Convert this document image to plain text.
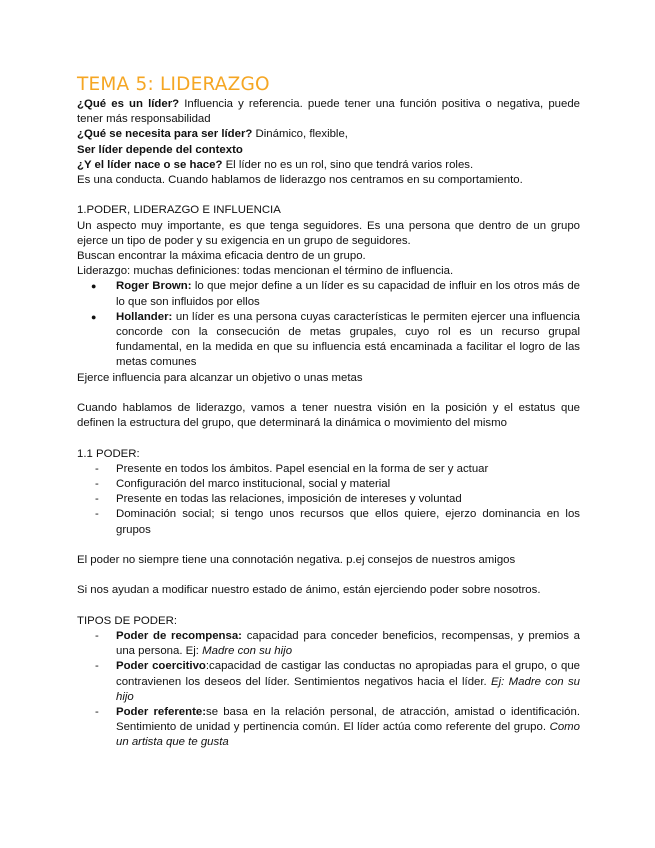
TEMA 5: LIDERAZGO

¿Qué es un líder? Influencia y referencia. puede tener una función positiva o negativa, puede tener más responsabilidad

¿Qué se necesita para ser líder? Dinámico, flexible,

Ser líder depende del contexto

¿Y el líder nace o se hace? El líder no es un rol, sino que tendrá varios roles.

Es una conducta. Cuando hablamos de liderazgo nos centramos en su comportamiento.

1.PODER, LIDERAZGO E INFLUENCIA

Un aspecto muy importante, es que tenga seguidores. Es una persona que dentro de un grupo ejerce un tipo de poder y su exigencia en un grupo de seguidores.

Buscan encontrar la máxima eficacia dentro de un grupo.

Liderazgo: muchas definiciones: todas mencionan el término de influencia.

● Roger Brown: lo que mejor define a un líder es su capacidad de influir en los otros más de lo que son influidos por ellos
● Hollander: un líder es una persona cuyas características le permiten ejercer una influencia concorde con la consecución de metas grupales, cuyo rol es un recurso grupal fundamental, en la medida en que su influencia está encaminada a facilitar el logro de las metas comunes

Ejerce influencia para alcanzar un objetivo o unas metas

Cuando hablamos de liderazgo, vamos a tener nuestra visión en la posición y el estatus que definen la estructura del grupo, que determinará la dinámica o movimiento del mismo

1.1 PODER:

- Presente en todos los ámbitos. Papel esencial en la forma de ser y actuar
- Configuración del marco institucional, social y material
- Presente en todas las relaciones, imposición de intereses y voluntad
- Dominación social; si tengo unos recursos que ellos quiere, ejerzo dominancia en los grupos

El poder no siempre tiene una connotación negativa. p.ej consejos de nuestros amigos

Si nos ayudan a modificar nuestro estado de ánimo, están ejerciendo poder sobre nosotros.

TIPOS DE PODER:

- Poder de recompensa: capacidad para conceder beneficios, recompensas, y premios a una persona. Ej: Madre con su hijo
- Poder coercitivo:capacidad de castigar las conductas no apropiadas para el grupo, o que contravienen los deseos del líder. Sentimientos negativos hacia el líder. Ej: Madre con su hijo
- Poder referente:se basa en la relación personal, de atracción, amistad o identificación. Sentimiento de unidad y pertinencia común. El líder actúa como referente del grupo. Como un artista que te gusta
